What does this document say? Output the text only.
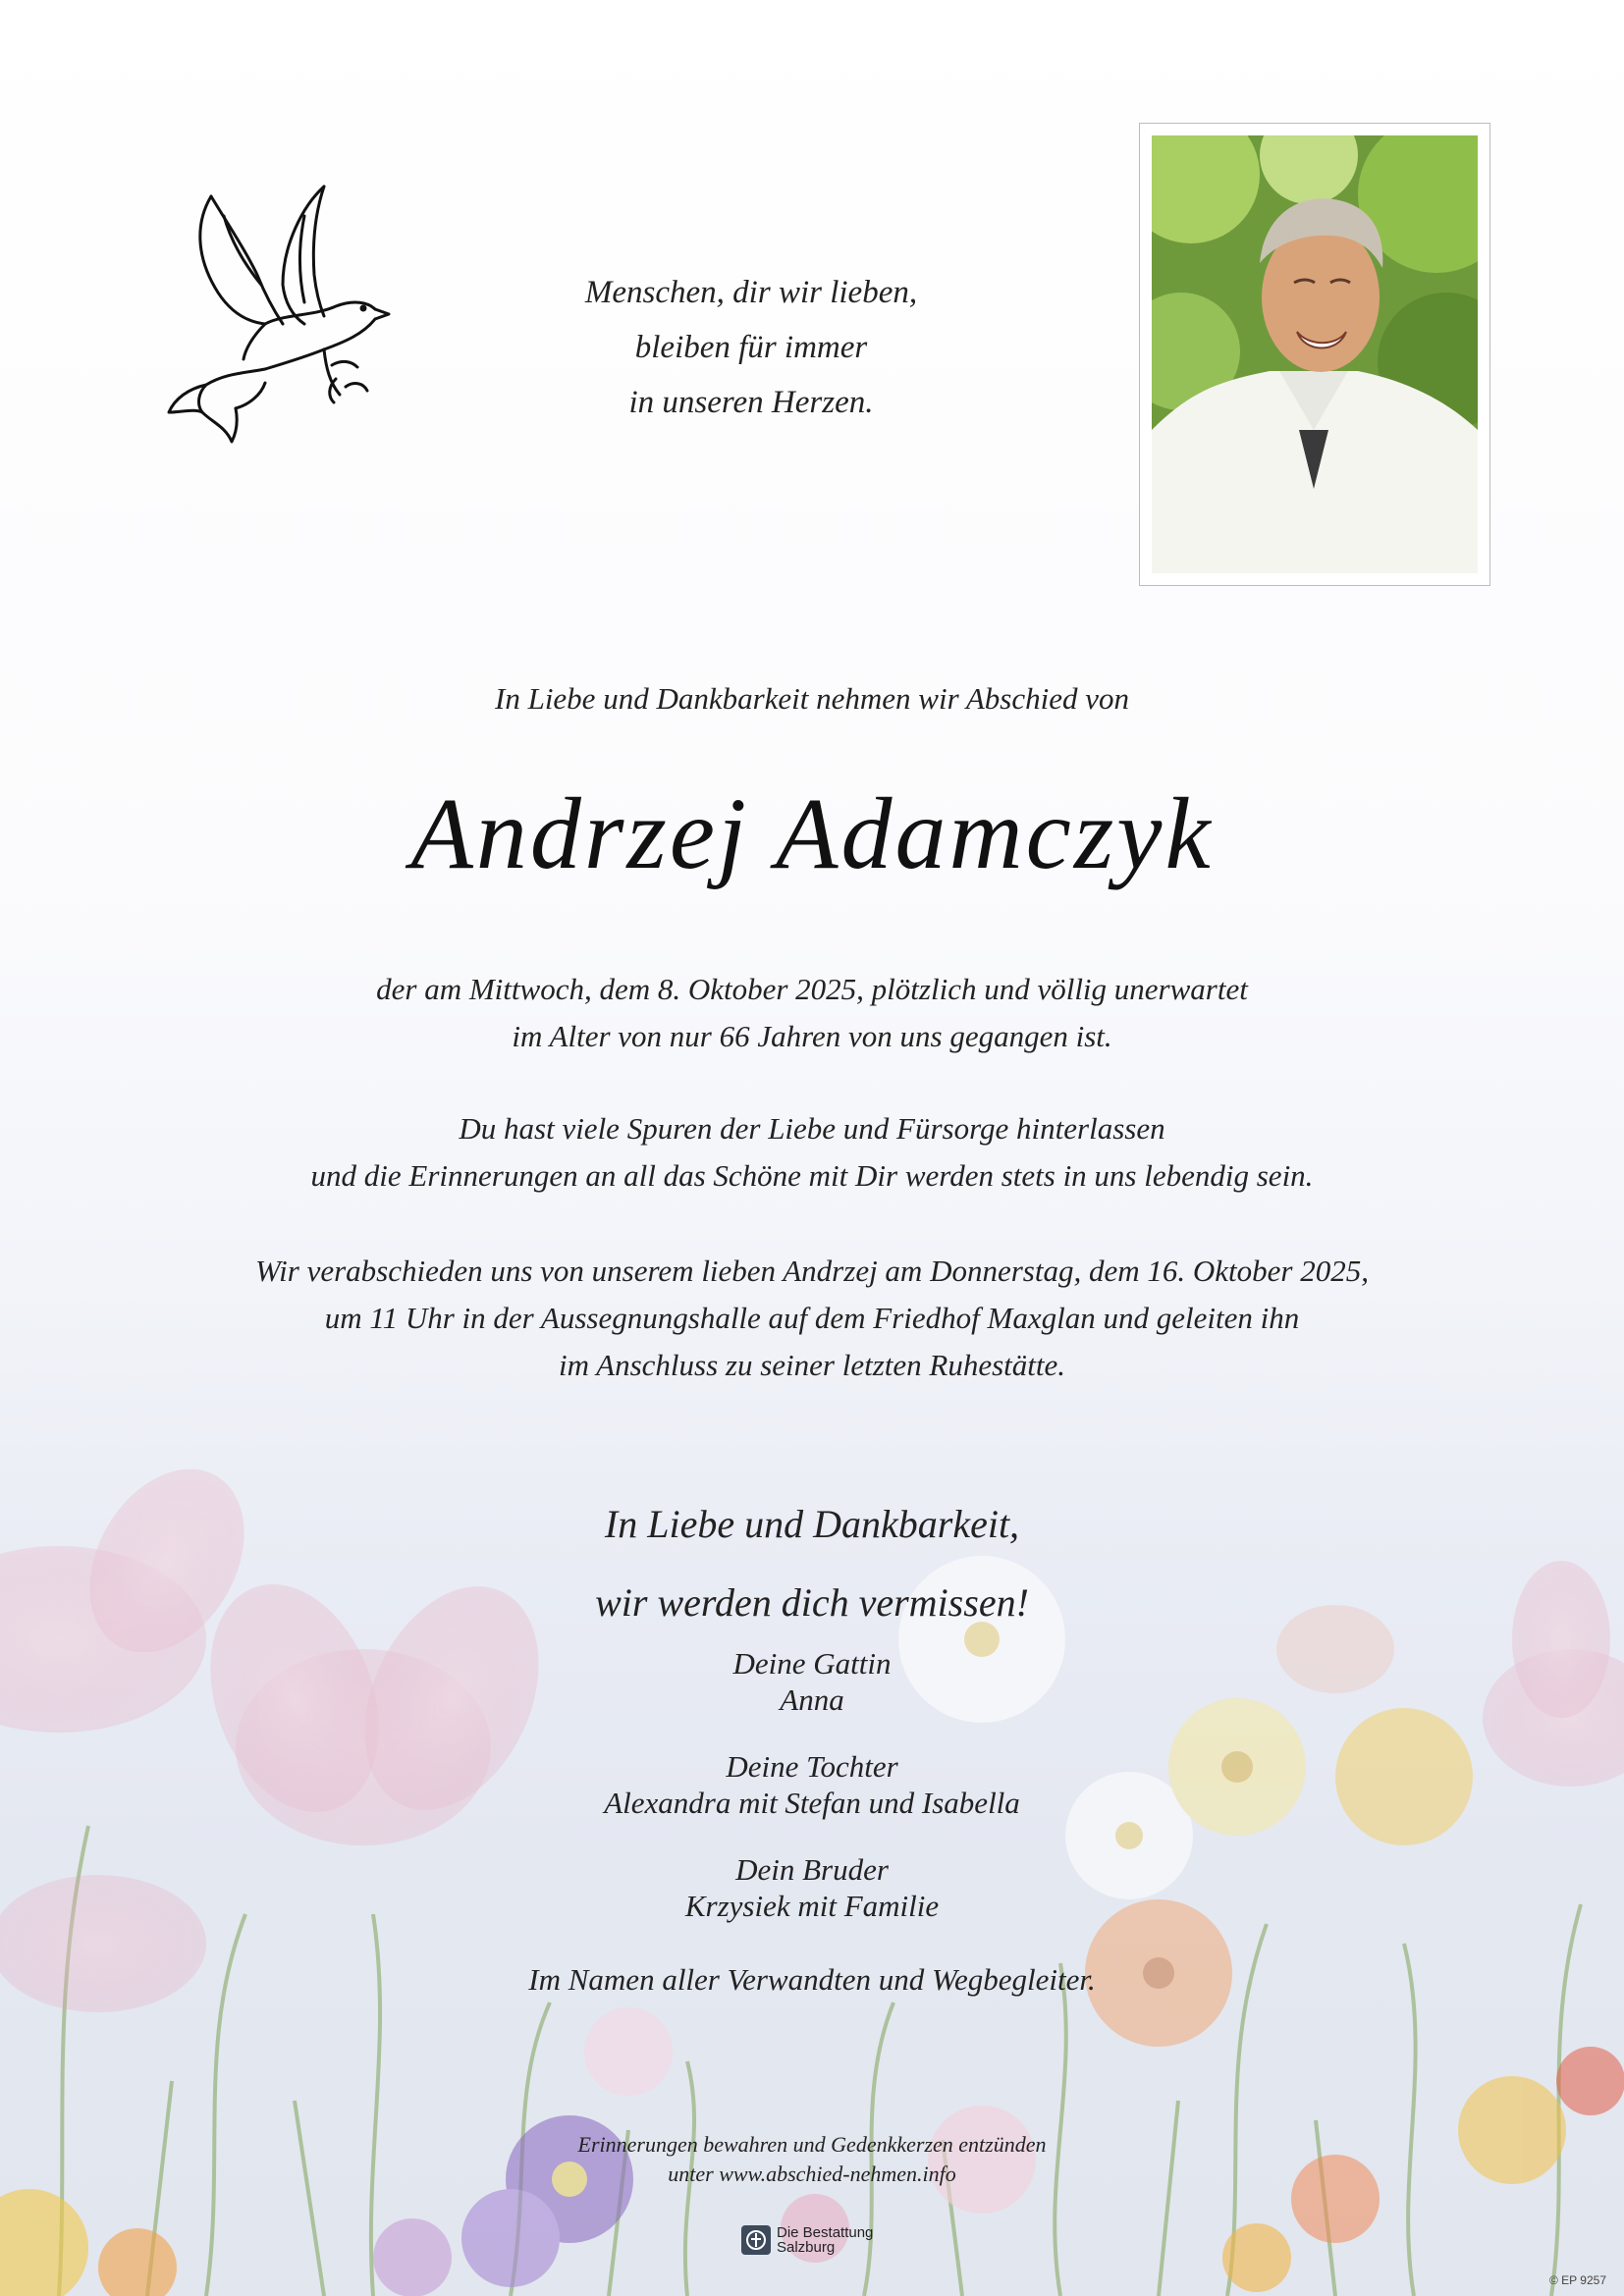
Menschen, dir wir lieben,
bleiben für immer
in unseren Herzen.
In Liebe und Dankbarkeit nehmen wir Abschied von
Andrzej Adamczyk

der am Mittwoch, dem 8. Oktober 2025, plötzlich und völlig unerwartet

im Alter von nur 66 Jahren von uns gegangen ist.

Du hast viele Spuren der Liebe und Fürsorge hinterlassen

und die Erinnerungen an all das Schöne mit Dir werden stets in uns lebendig sein.

Wir verabschieden uns von unserem lieben Andrzej am Donnerstag, dem 16. Oktober 2025,

um 11 Uhr in der Aussegnungshalle auf dem Friedhof Maxglan und geleiten ihn

im Anschluss zu seiner letzten Ruhestätte.

In Liebe und Dankbarkeit,

wir werden dich vermissen!

Deine Gattin

Anna

Deine Tochter

Alexandra mit Stefan und Isabella

Dein Bruder

Krzysiek mit Familie

Im Namen aller Verwandten und Wegbegleiter.

Erinnerungen bewahren und Gedenkkerzen entzünden

unter www.abschied-nehmen.info

Die Bestattung
Salzburg
© EP 9257
